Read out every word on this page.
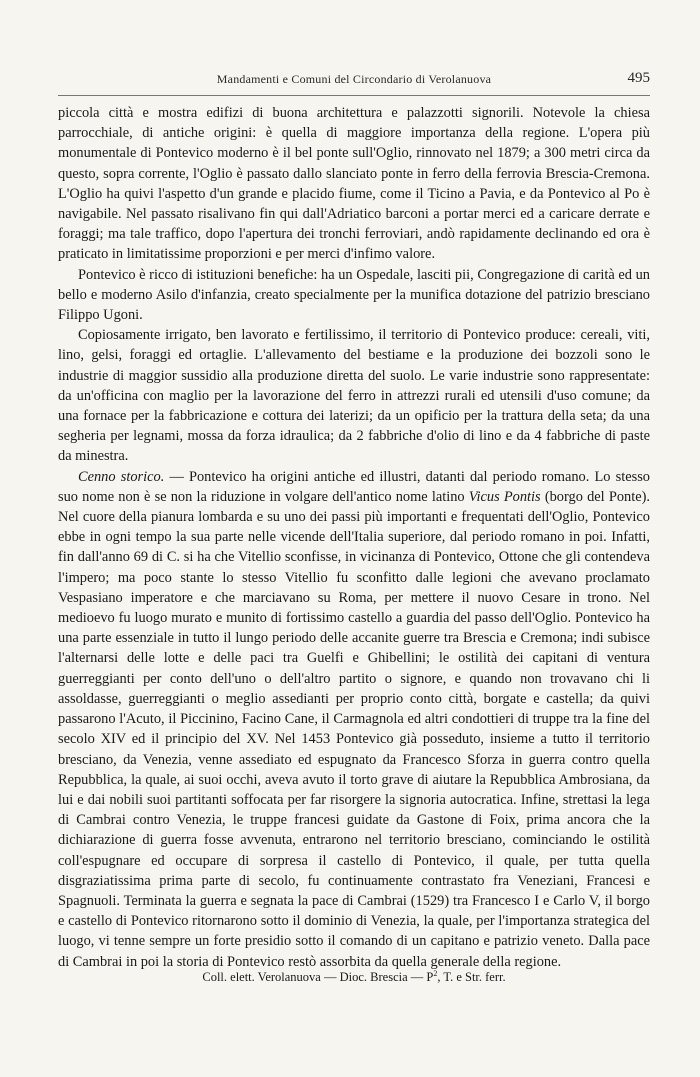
Mandamenti e Comuni del Circondario di Verolanuova	495

piccola città e mostra edifizi di buona architettura e palazzotti signorili. Notevole la chiesa parrocchiale, di antiche origini: è quella di maggiore importanza della regione. L'opera più monumentale di Pontevico moderno è il bel ponte sull'Oglio, rinnovato nel 1879; a 300 metri circa da questo, sopra corrente, l'Oglio è passato dallo slanciato ponte in ferro della ferrovia Brescia-Cremona. L'Oglio ha quivi l'aspetto d'un grande e placido fiume, come il Ticino a Pavia, e da Pontevico al Po è navigabile. Nel passato risalivano fin qui dall'Adriatico barconi a portar merci ed a caricare derrate e foraggi; ma tale traffico, dopo l'apertura dei tronchi ferroviari, andò rapidamente declinando ed ora è praticato in limitatissime proporzioni e per merci d'infimo valore.

Pontevico è ricco di istituzioni benefiche: ha un Ospedale, lasciti pii, Congregazione di carità ed un bello e moderno Asilo d'infanzia, creato specialmente per la munifica dotazione del patrizio bresciano Filippo Ugoni.

Copiosamente irrigato, ben lavorato e fertilissimo, il territorio di Pontevico produce: cereali, viti, lino, gelsi, foraggi ed ortaglie. L'allevamento del bestiame e la produzione dei bozzoli sono le industrie di maggior sussidio alla produzione diretta del suolo. Le varie industrie sono rappresentate: da un'officina con maglio per la lavorazione del ferro in attrezzi rurali ed utensili d'uso comune; da una fornace per la fabbricazione e cottura dei laterizi; da un opificio per la trattura della seta; da una segheria per legnami, mossa da forza idraulica; da 2 fabbriche d'olio di lino e da 4 fabbriche di paste da minestra.

Cenno storico. — Pontevico ha origini antiche ed illustri, datanti dal periodo romano. Lo stesso suo nome non è se non la riduzione in volgare dell'antico nome latino Vicus Pontis (borgo del Ponte). Nel cuore della pianura lombarda e su uno dei passi più importanti e frequentati dell'Oglio, Pontevico ebbe in ogni tempo la sua parte nelle vicende dell'Italia superiore, dal periodo romano in poi. Infatti, fin dall'anno 69 di C. si ha che Vitellio sconfisse, in vicinanza di Pontevico, Ottone che gli contendeva l'impero; ma poco stante lo stesso Vitellio fu sconfitto dalle legioni che avevano proclamato Vespasiano imperatore e che marciavano su Roma, per mettere il nuovo Cesare in trono. Nel medioevo fu luogo murato e munito di fortissimo castello a guardia del passo dell'Oglio. Pontevico ha una parte essenziale in tutto il lungo periodo delle accanite guerre tra Brescia e Cremona; indi subisce l'alternarsi delle lotte e delle paci tra Guelfi e Ghibellini; le ostilità dei capitani di ventura guerreggianti per conto dell'uno o dell'altro partito o signore, e quando non trovavano chi li assoldasse, guerreggianti o meglio assedianti per proprio conto città, borgate e castella; da quivi passarono l'Acuto, il Piccinino, Facino Cane, il Carmagnola ed altri condottieri di truppe tra la fine del secolo XIV ed il principio del XV. Nel 1453 Pontevico già posseduto, insieme a tutto il territorio bresciano, da Venezia, venne assediato ed espugnato da Francesco Sforza in guerra contro quella Repubblica, la quale, ai suoi occhi, aveva avuto il torto grave di aiutare la Repubblica Ambrosiana, da lui e dai nobili suoi partitanti soffocata per far risorgere la signoria autocratica. Infine, strettasi la lega di Cambrai contro Venezia, le truppe francesi guidate da Gastone di Foix, prima ancora che la dichiarazione di guerra fosse avvenuta, entrarono nel territorio bresciano, cominciando le ostilità coll'espugnare ed occupare di sorpresa il castello di Pontevico, il quale, per tutta quella disgraziatissima prima parte di secolo, fu continuamente contrastato fra Veneziani, Francesi e Spagnuoli. Terminata la guerra e segnata la pace di Cambrai (1529) tra Francesco I e Carlo V, il borgo e castello di Pontevico ritornarono sotto il dominio di Venezia, la quale, per l'importanza strategica del luogo, vi tenne sempre un forte presidio sotto il comando di un capitano e patrizio veneto. Dalla pace di Cambrai in poi la storia di Pontevico restò assorbita da quella generale della regione.

Coll. elett. Verolanuova — Dioc. Brescia — $P^2$, T. e Str. ferr.
